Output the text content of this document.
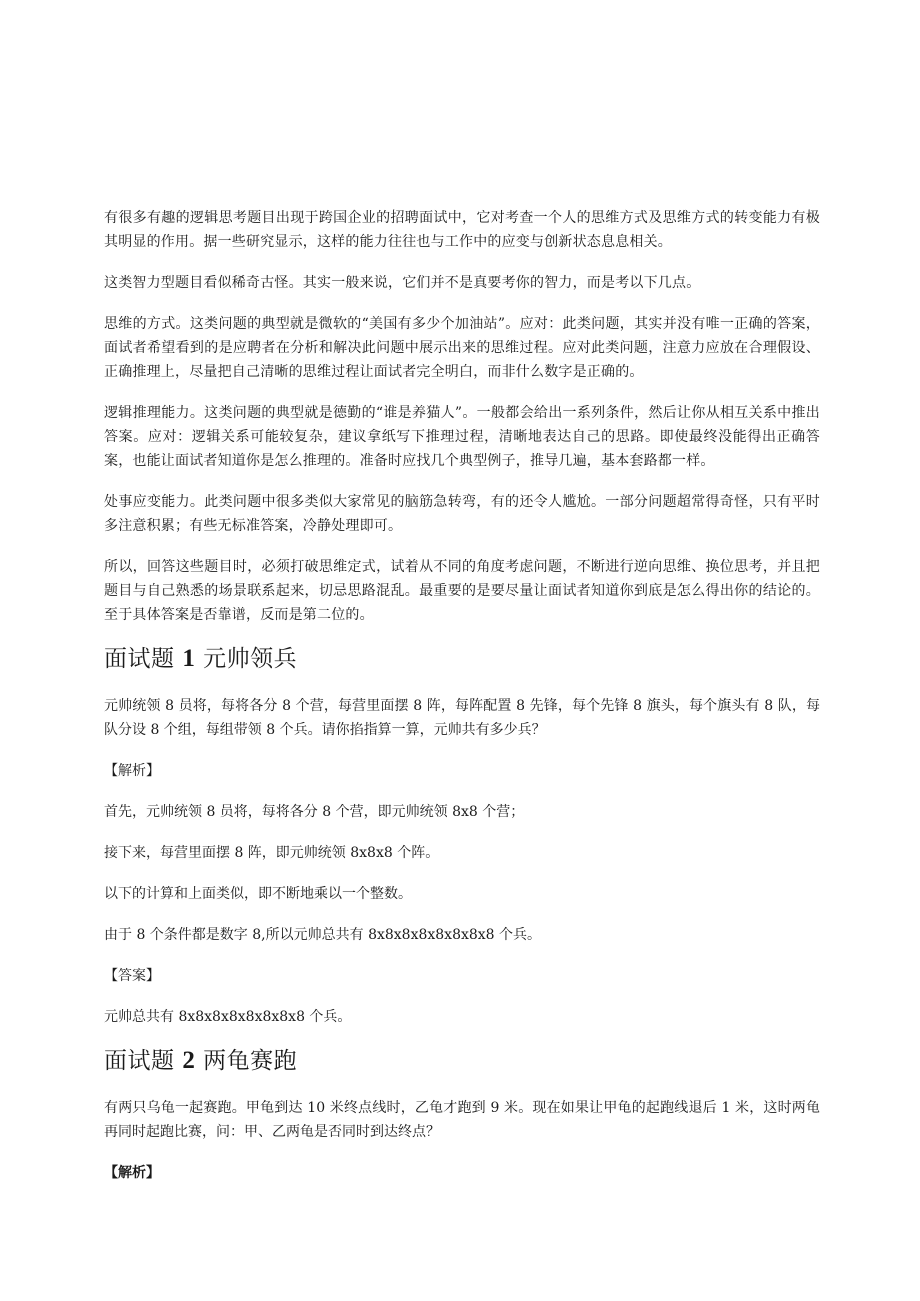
有很多有趣的逻辑思考题目出现于跨国企业的招聘面试中，它对考查一个人的思维方式及思维方式的转变能力有极其明显的作用。据一些研究显示，这样的能力往往也与工作中的应变与创新状态息息相关。

这类智力型题目看似稀奇古怪。其实一般来说，它们并不是真要考你的智力，而是考以下几点。

思维的方式。这类问题的典型就是微软的“美国有多少个加油站”。应对：此类问题，其实并没有唯一正确的答案，面试者希望看到的是应聘者在分析和解决此问题中展示出来的思维过程。应对此类问题，注意力应放在合理假设、正确推理上，尽量把自己清晰的思维过程让面试者完全明白，而非什么数字是正确的。

逻辑推理能力。这类问题的典型就是德勤的“谁是养猫人”。一般都会给出一系列条件，然后让你从相互关系中推出答案。应对：逻辑关系可能较复杂，建议拿纸写下推理过程，清晰地表达自己的思路。即使最终没能得出正确答案，也能让面试者知道你是怎么推理的。准备时应找几个典型例子，推导几遍，基本套路都一样。

处事应变能力。此类问题中很多类似大家常见的脑筋急转弯，有的还令人尴尬。一部分问题超常得奇怪，只有平时多注意积累；有些无标准答案，冷静处理即可。

所以，回答这些题目时，必须打破思维定式，试着从不同的角度考虑问题，不断进行逆向思维、换位思考，并且把题目与自己熟悉的场景联系起来，切忌思路混乱。最重要的是要尽量让面试者知道你到底是怎么得出你的结论的。至于具体答案是否靠谱，反而是第二位的。

面试题 1 元帅领兵

元帅统领 8 员将，每将各分 8 个营，每营里面摆 8 阵，每阵配置 8 先锋，每个先锋 8 旗头，每个旗头有 8 队，每队分设 8 个组，每组带领 8 个兵。请你掐指算一算，元帅共有多少兵？

【解析】

首先，元帅统领 8 员将，每将各分 8 个营，即元帅统领 8x8 个营；

接下来，每营里面摆 8 阵，即元帅统领 8x8x8 个阵。

以下的计算和上面类似，即不断地乘以一个整数。

由于 8 个条件都是数字 8,所以元帅总共有 8x8x8x8x8x8x8x8 个兵。

【答案】

元帅总共有 8x8x8x8x8x8x8x8 个兵。

面试题 2 两龟赛跑

有两只乌龟一起赛跑。甲龟到达 10 米终点线时，乙龟才跑到 9 米。现在如果让甲龟的起跑线退后 1 米，这时两龟再同时起跑比赛，问：甲、乙两龟是否同时到达终点？

【解析】
